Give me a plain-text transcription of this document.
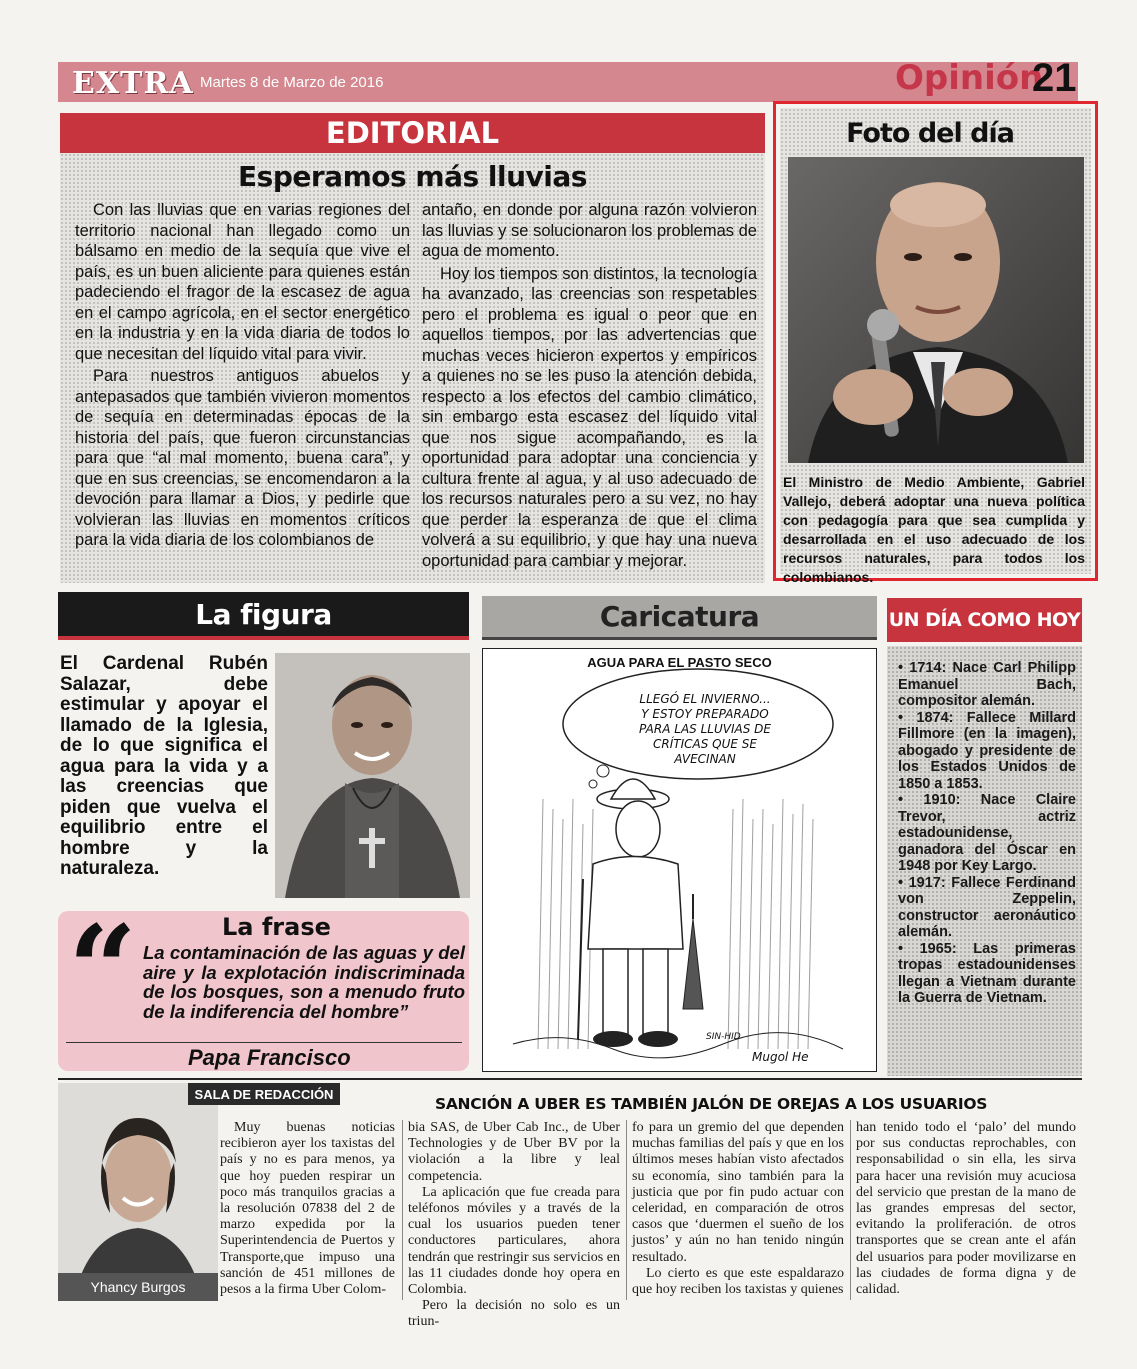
EXTRA Martes 8 de Marzo de 2016	Opinión
21
EDITORIAL
Esperamos más lluvias

Con las lluvias que en varias regiones del territorio nacional han llegado como un bálsamo en medio de la sequía que vive el país, es un buen aliciente para quienes están padeciendo el fragor de la escasez de agua en el campo agrícola, en el sector energético en la industria y en la vida diaria de todos lo que necesitan del líquido vital para vivir.

Para nuestros antiguos abuelos y antepasados que también vivieron momentos de sequía en determinadas épocas de la historia del país, que fueron circunstancias para que “al mal momento, buena cara”, y que en sus creencias, se encomendaron a la devoción para llamar a Dios, y pedirle que volvieran las lluvias en momentos críticos para la vida diaria de los colombianos de

antaño, en donde por alguna razón volvieron las lluvias y se solucionaron los problemas de agua de momento.

Hoy los tiempos son distintos, la tecnología ha avanzado, las creencias son respetables pero el problema es igual o peor que en aquellos tiempos, por las advertencias que muchas veces hicieron expertos y empíricos a quienes no se les puso la atención debida, respecto a los efectos del cambio climático, sin embargo esta escasez del líquido vital que nos sigue acompañando, es la oportunidad para adoptar una conciencia y cultura frente al agua, y al uso adecuado de los recursos naturales pero a su vez, no hay que perder la esperanza de que el clima volverá a su equilibrio, y que hay una nueva oportunidad para cambiar y mejorar.

Foto del día
El Ministro de Medio Ambiente, Gabriel Vallejo, deberá adoptar una nueva política con pedagogía para que sea cumplida y desarrollada en el uso adecuado de los recursos naturales, para todos los colombianos.
La figura
El Cardenal Rubén Salazar, debe estimular y apoyar el llamado de la Iglesia, de lo que significa el agua para la vida y a las creencias que piden que vuelva el equilibrio entre el hombre y la naturaleza.
“	La frase
La contaminación de las aguas y del aire y la explotación indiscriminada de los bosques, son a menudo fruto de la indiferencia del hombre”
Papa Francisco
Caricatura
AGUA PARA EL PASTO SECO
LLEGÓ EL INVIERNO...
Y ESTOY PREPARADO
PARA LAS LLUVIAS DE
CRÍTICAS QUE SE
AVECINAN
SIN-HID
Mugol He
UN DÍA COMO HOY
• 1714: Nace Carl Philipp Emanuel Bach, compositor alemán.
• 1874: Fallece Millard Fillmore (en la imagen), abogado y presidente de los Estados Unidos de 1850 a 1853.
• 1910: Nace Claire Trevor, actriz estadounidense, ganadora del Óscar en 1948 por Key Largo.
• 1917: Fallece Ferdinand von Zeppelin, constructor aeronáutico alemán.
• 1965: Las primeras tropas estadounidenses llegan a Vietnam durante la Guerra de Vietnam.
SALA DE REDACCIÓN
Yhancy Burgos
SANCIÓN A UBER ES TAMBIÉN JALÓN DE OREJAS A LOS USUARIOS

Muy buenas noticias recibieron ayer los taxistas del país y no es para menos, ya que hoy pueden respirar un poco más tranquilos gracias a la resolución 07838 del 2 de marzo expedida por la Superintendencia de Puertos y Transporte,que impuso una sanción de 451 millones de pesos a la firma Uber Colom-

bia SAS, de Uber Cab Inc., de Uber Technologies y de Uber BV por la violación a la libre y leal competencia.

La aplicación que fue creada para teléfonos móviles y a través de la cual los usuarios pueden tener conductores particulares, ahora tendrán que restringir sus servicios en las 11 ciudades donde hoy opera en Colombia.

Pero la decisión no solo es un triun-

fo para un gremio del que dependen muchas familias del país y que en los últimos meses habían visto afectados su economía, sino también para la justicia que por fin pudo actuar con celeridad, en comparación de otros casos que ‘duermen el sueño de los justos’ y aún no han tenido ningún resultado.

Lo cierto es que este espaldarazo que hoy reciben los taxistas y quienes

han tenido todo el ‘palo’ del mundo por sus conductas reprochables, con responsabilidad o sin ella, les sirva para hacer una revisión muy acuciosa del servicio que prestan de la mano de las grandes empresas del sector, evitando la proliferación. de otros transportes que se crean ante el afán del usuarios para poder movilizarse en las ciudades de forma digna y de calidad.
